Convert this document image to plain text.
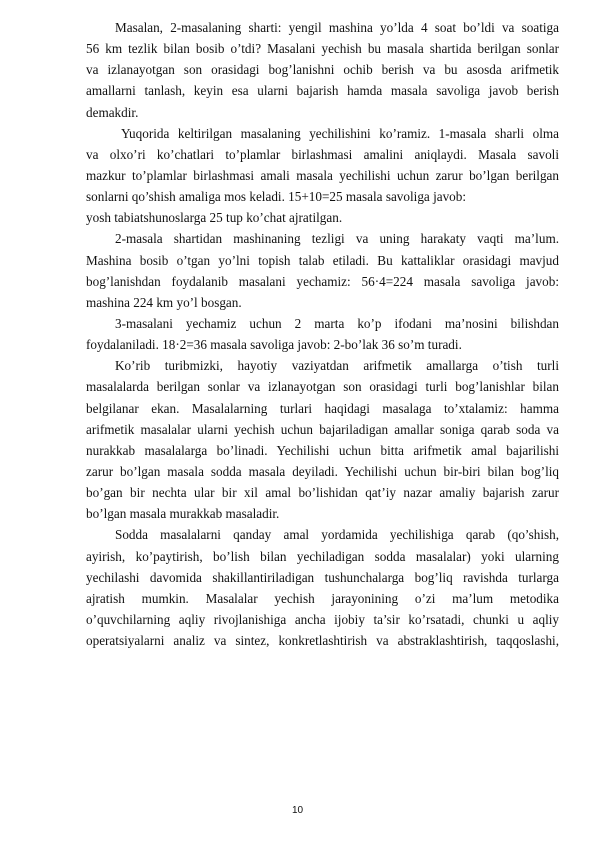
Masalan, 2-masalaning sharti: yengil mashina yo’lda 4 soat bo’ldi va soatiga
56 km tezlik bilan bosib o’tdi? Masalani yechish bu masala shartida berilgan sonlar
va izlanayotgan son orasidagi bog’lanishni ochib berish va bu asosda arifmetik
amallarni tanlash, keyin esa ularni bajarish hamda masala savoliga javob berish
demakdir.
Yuqorida keltirilgan masalaning yechilishini ko’ramiz. 1-masala sharli olma
va olxo’ri ko’chatlari to’plamlar birlashmasi amalini aniqlaydi. Masala savoli
mazkur to’plamlar birlashmasi amali masala yechilishi uchun zarur bo’lgan berilgan
sonlarni qo’shish amaliga mos keladi. 15+10=25 masala savoliga javob:
yosh tabiatshunoslarga 25 tup ko’chat ajratilgan.
2-masala shartidan mashinaning tezligi va uning harakaty vaqti ma’lum.
Mashina bosib o’tgan yo’lni topish talab etiladi. Bu kattaliklar orasidagi mavjud
bog’lanishdan foydalanib masalani yechamiz: 56·4=224 masala savoliga javob:
mashina 224 km yo’l bosgan.
3-masalani yechamiz uchun 2 marta ko’p ifodani ma’nosini bilishdan
foydalaniladi. 18·2=36 masala savoliga javob: 2-bo’lak 36 so’m turadi.
Ko’rib turibmizki, hayotiy vaziyatdan arifmetik amallarga o’tish turli
masalalarda berilgan sonlar va izlanayotgan son orasidagi turli bog’lanishlar bilan
belgilanar ekan. Masalalarning turlari haqidagi masalaga to’xtalamiz: hamma
arifmetik masalalar ularni yechish uchun bajariladigan amallar soniga qarab soda va
nurakkab masalalarga bo’linadi. Yechilishi uchun bitta arifmetik amal bajarilishi
zarur bo’lgan masala sodda masala deyiladi. Yechilishi uchun bir-biri bilan bog’liq
bo’gan bir nechta ular bir xil amal bo’lishidan qat’iy nazar amaliy bajarish zarur
bo’lgan masala murakkab masaladir.
Sodda masalalarni qanday amal yordamida yechilishiga qarab (qo’shish,
ayirish, ko’paytirish, bo’lish bilan yechiladigan sodda masalalar) yoki ularning
yechilashi davomida shakillantiriladigan tushunchalarga bog’liq ravishda turlarga
ajratish mumkin. Masalalar yechish jarayonining o’zi ma’lum metodika
o’quvchilarning aqliy rivojlanishiga ancha ijobiy ta’sir ko’rsatadi, chunki u aqliy
operatsiyalarni analiz va sintez, konkretlashtirish va abstraklashtirish, taqqoslashi,
10
